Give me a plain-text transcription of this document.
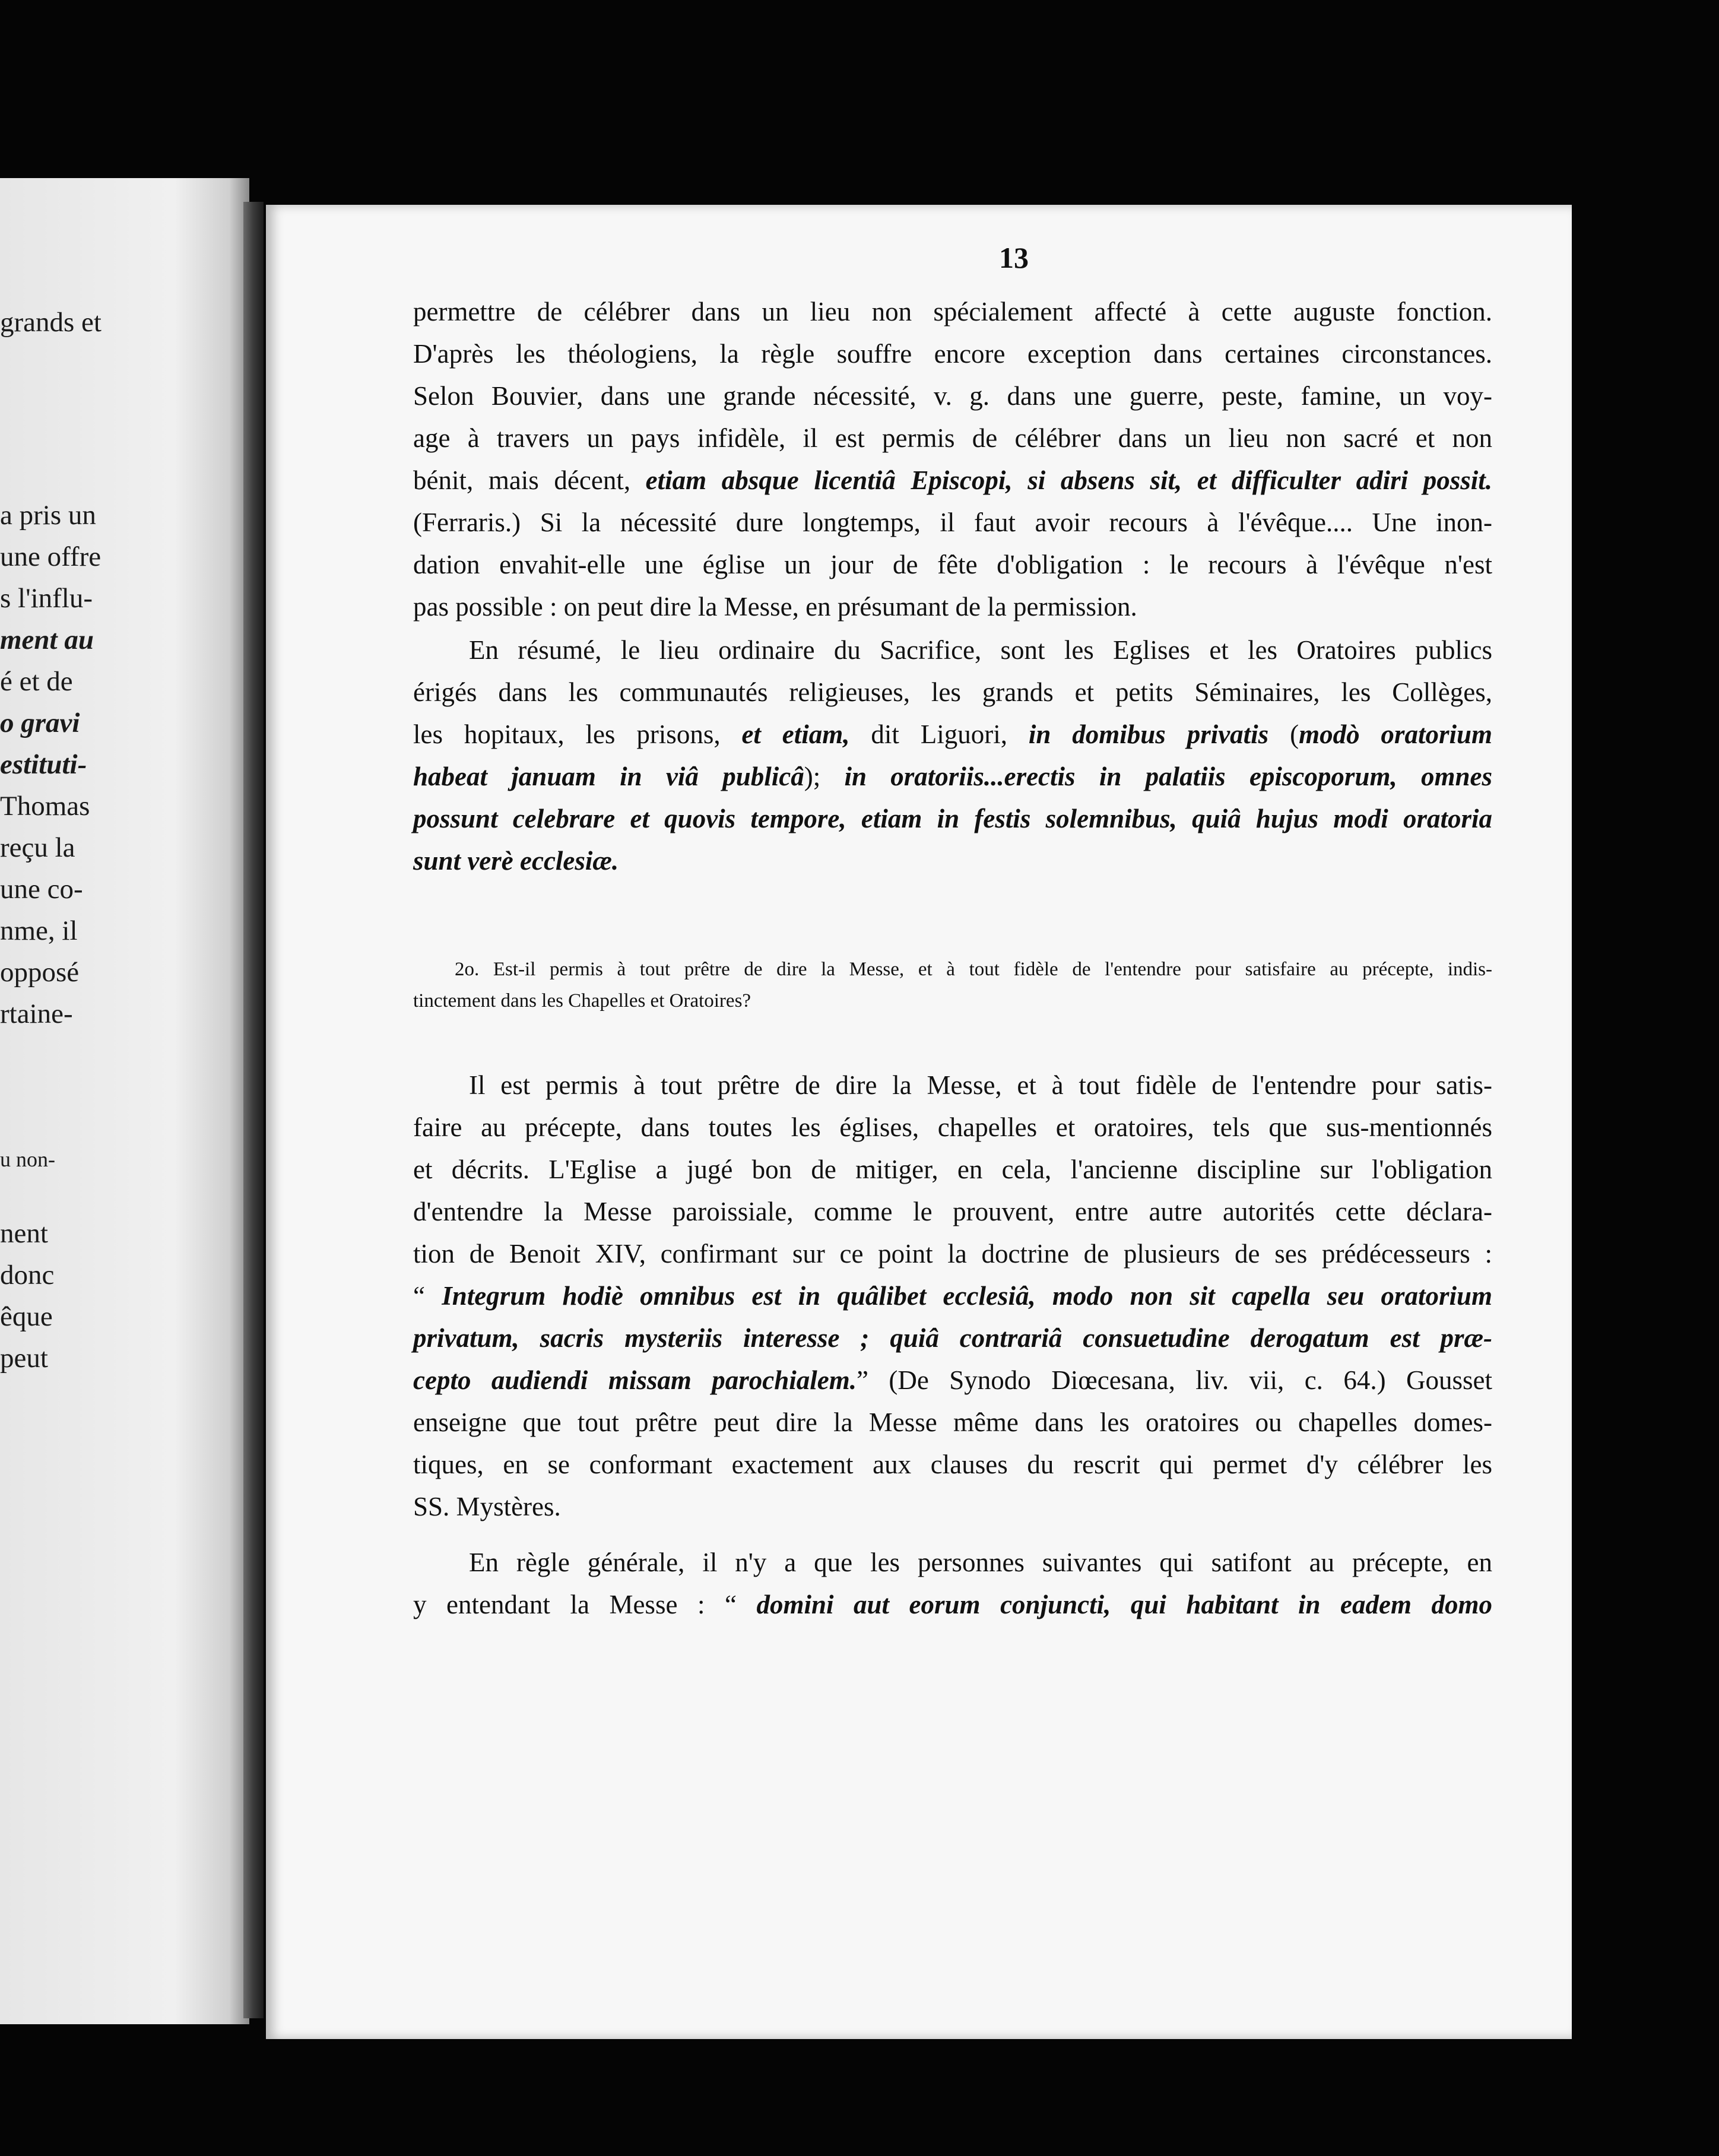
grands et
a pris un
une offre
s l'influ-
ment au
é et de
o gravi
estituti-
Thomas
reçu la
une co-
nme, il
opposé
rtaine-
u non-
nent
donc
êque
peut
13
permettre de célébrer dans un lieu non spécialement affecté à cette auguste fonction.
D'après les théologiens, la règle souffre encore exception dans certaines circonstances.
Selon Bouvier, dans une grande nécessité, v. g. dans une guerre, peste, famine, un voy-
age à travers un pays infidèle, il est permis de célébrer dans un lieu non sacré et non
bénit, mais décent, etiam absque licentiâ Episcopi, si absens sit, et difficulter adiri possit.
(Ferraris.) Si la nécessité dure longtemps, il faut avoir recours à l'évêque.... Une inon-
dation envahit-elle une église un jour de fête d'obligation : le recours à l'évêque n'est
pas possible : on peut dire la Messe, en présumant de la permission.
En résumé, le lieu ordinaire du Sacrifice, sont les Eglises et les Oratoires publics
érigés dans les communautés religieuses, les grands et petits Séminaires, les Collèges,
les hopitaux, les prisons, et etiam, dit Liguori, in domibus privatis (modò oratorium
habeat januam in viâ publicâ); in oratoriis...erectis in palatiis episcoporum, omnes
possunt celebrare et quovis tempore, etiam in festis solemnibus, quiâ hujus modi oratoria
sunt verè ecclesiæ.
2o. Est-il permis à tout prêtre de dire la Messe, et à tout fidèle de l'entendre pour satisfaire au précepte, indis-
tinctement dans les Chapelles et Oratoires?
Il est permis à tout prêtre de dire la Messe, et à tout fidèle de l'entendre pour satis-
faire au précepte, dans toutes les églises, chapelles et oratoires, tels que sus-mentionnés
et décrits. L'Eglise a jugé bon de mitiger, en cela, l'ancienne discipline sur l'obligation
d'entendre la Messe paroissiale, comme le prouvent, entre autre autorités cette déclara-
tion de Benoit XIV, confirmant sur ce point la doctrine de plusieurs de ses prédécesseurs :
“ Integrum hodiè omnibus est in quâlibet ecclesiâ, modo non sit capella seu oratorium
privatum, sacris mysteriis interesse ; quiâ contrariâ consuetudine derogatum est præ-
cepto audiendi missam parochialem.” (De Synodo Diœcesana, liv. vii, c. 64.) Gousset
enseigne que tout prêtre peut dire la Messe même dans les oratoires ou chapelles domes-
tiques, en se conformant exactement aux clauses du rescrit qui permet d'y célébrer les
SS. Mystères.
En règle générale, il n'y a que les personnes suivantes qui satifont au précepte, en
y entendant la Messe : “ domini aut eorum conjuncti, qui habitant in eadem domo
